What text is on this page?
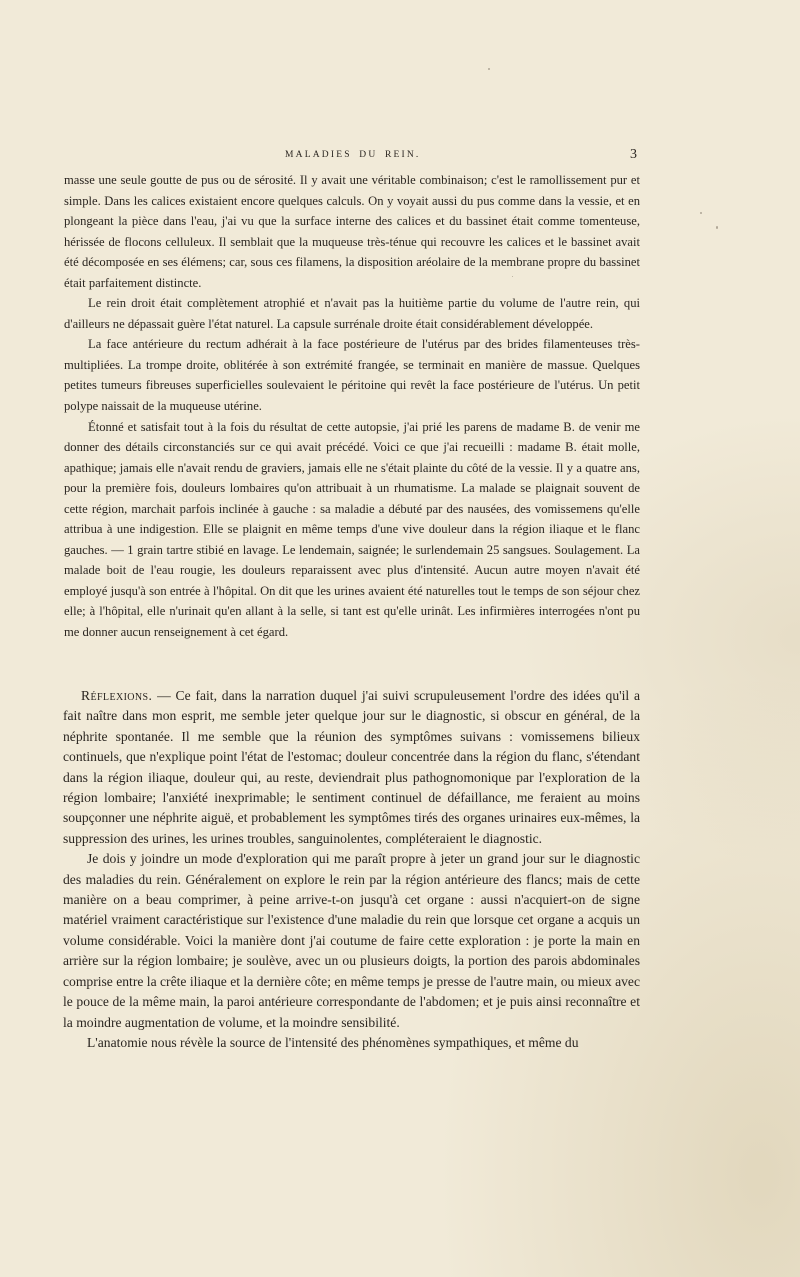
MALADIES DU REIN.	3

masse une seule goutte de pus ou de sérosité. Il y avait une véritable combinaison; c'est le ramollissement pur et simple. Dans les calices existaient encore quelques calculs. On y voyait aussi du pus comme dans la vessie, et en plongeant la pièce dans l'eau, j'ai vu que la surface interne des calices et du bassinet était comme tomenteuse, hérissée de flocons celluleux. Il semblait que la muqueuse très-ténue qui recouvre les calices et le bassinet avait été décomposée en ses élémens; car, sous ces filamens, la disposition aréolaire de la membrane propre du bassinet était parfaitement distincte.

Le rein droit était complètement atrophié et n'avait pas la huitième partie du volume de l'autre rein, qui d'ailleurs ne dépassait guère l'état naturel. La capsule surrénale droite était considérablement développée.

La face antérieure du rectum adhérait à la face postérieure de l'utérus par des brides filamenteuses très-multipliées. La trompe droite, oblitérée à son extrémité frangée, se terminait en manière de massue. Quelques petites tumeurs fibreuses superficielles soulevaient le péritoine qui revêt la face postérieure de l'utérus. Un petit polype naissait de la muqueuse utérine.

Étonné et satisfait tout à la fois du résultat de cette autopsie, j'ai prié les parens de madame B. de venir me donner des détails circonstanciés sur ce qui avait précédé. Voici ce que j'ai recueilli : madame B. était molle, apathique; jamais elle n'avait rendu de graviers, jamais elle ne s'était plainte du côté de la vessie. Il y a quatre ans, pour la première fois, douleurs lombaires qu'on attribuait à un rhumatisme. La malade se plaignait souvent de cette région, marchait parfois inclinée à gauche : sa maladie a débuté par des nausées, des vomissemens qu'elle attribua à une indigestion. Elle se plaignit en même temps d'une vive douleur dans la région iliaque et le flanc gauches. — 1 grain tartre stibié en lavage. Le lendemain, saignée; le surlendemain 25 sangsues. Soulagement. La malade boit de l'eau rougie, les douleurs reparaissent avec plus d'intensité. Aucun autre moyen n'avait été employé jusqu'à son entrée à l'hôpital. On dit que les urines avaient été naturelles tout le temps de son séjour chez elle; à l'hôpital, elle n'urinait qu'en allant à la selle, si tant est qu'elle urinât. Les infirmières interrogées n'ont pu me donner aucun renseignement à cet égard.

Réflexions. — Ce fait, dans la narration duquel j'ai suivi scrupuleusement l'ordre des idées qu'il a fait naître dans mon esprit, me semble jeter quelque jour sur le diagnostic, si obscur en général, de la néphrite spontanée. Il me semble que la réunion des symptômes suivans : vomissemens bilieux continuels, que n'explique point l'état de l'estomac; douleur concentrée dans la région du flanc, s'étendant dans la région iliaque, douleur qui, au reste, deviendrait plus pathognomonique par l'exploration de la région lombaire; l'anxiété inexprimable; le sentiment continuel de défaillance, me feraient au moins soupçonner une néphrite aiguë, et probablement les symptômes tirés des organes urinaires eux-mêmes, la suppression des urines, les urines troubles, sanguinolentes, compléteraient le diagnostic.

Je dois y joindre un mode d'exploration qui me paraît propre à jeter un grand jour sur le diagnostic des maladies du rein. Généralement on explore le rein par la région antérieure des flancs; mais de cette manière on a beau comprimer, à peine arrive-t-on jusqu'à cet organe : aussi n'acquiert-on de signe matériel vraiment caractéristique sur l'existence d'une maladie du rein que lorsque cet organe a acquis un volume considérable. Voici la manière dont j'ai coutume de faire cette exploration : je porte la main en arrière sur la région lombaire; je soulève, avec un ou plusieurs doigts, la portion des parois abdominales comprise entre la crête iliaque et la dernière côte; en même temps je presse de l'autre main, ou mieux avec le pouce de la même main, la paroi antérieure correspondante de l'abdomen; et je puis ainsi reconnaître et la moindre augmentation de volume, et la moindre sensibilité.

L'anatomie nous révèle la source de l'intensité des phénomènes sympathiques, et même du
